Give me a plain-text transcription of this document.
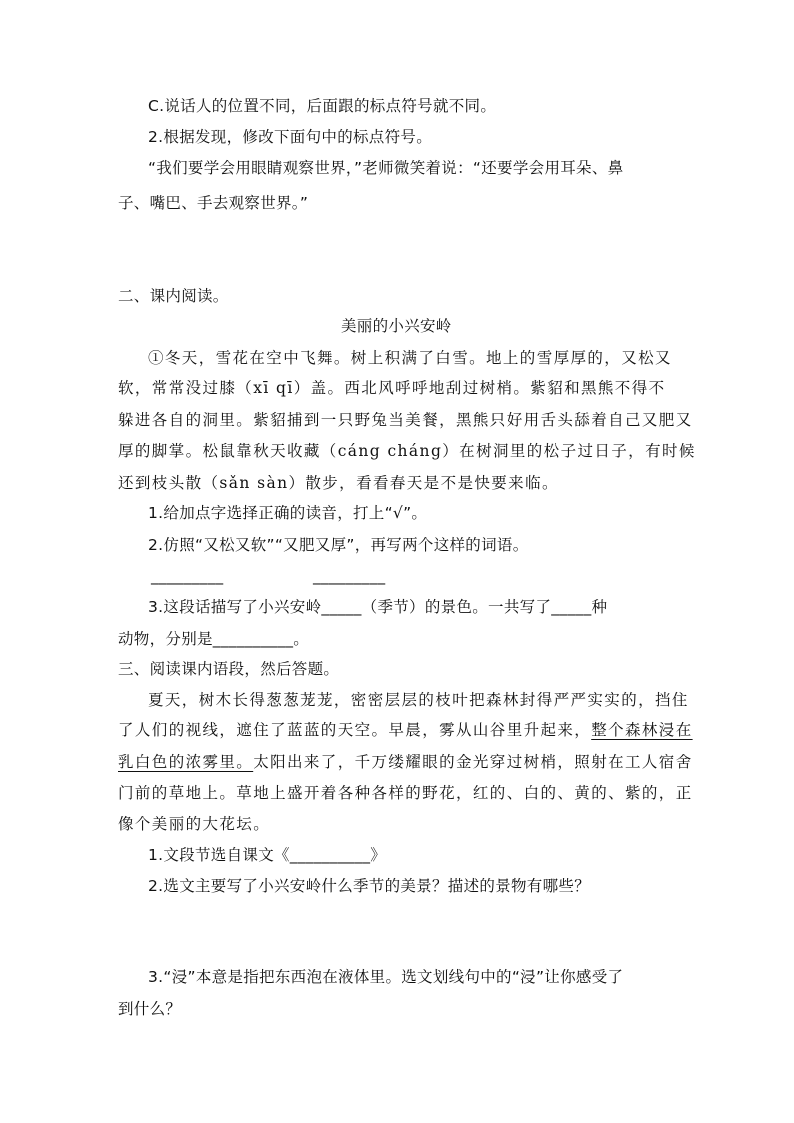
C.说话人的位置不同，后面跟的标点符号就不同。
2.根据发现，修改下面句中的标点符号。
“我们要学会用眼睛观察世界，”老师微笑着说：“还要学会用耳朵、鼻
子、嘴巴、手去观察世界。”
二、课内阅读。
美丽的小兴安岭
①冬天，雪花在空中飞舞。树上积满了白雪。地上的雪厚厚的，又松又
软，常常没过膝（xī qī）盖。西北风呼呼地刮过树梢。紫貂和黑熊不得不
躲进各自的洞里。紫貂捕到一只野兔当美餐，黑熊只好用舌头舔着自己又肥又
厚的脚掌。松鼠靠秋天收藏（cáng cháng）在树洞里的松子过日子，有时候
还到枝头散（sǎn sàn）散步，看看春天是不是快要来临。
1.给加点字选择正确的读音，打上“√”。
2.仿照“又松又软”“又肥又厚”，再写两个这样的词语。
_________	_________
3.这段话描写了小兴安岭_____（季节）的景色。一共写了_____种
动物，分别是__________。
三、阅读课内语段，然后答题。
夏天，树木长得葱葱茏茏，密密层层的枝叶把森林封得严严实实的，挡住
了人们的视线，遮住了蓝蓝的天空。早晨，雾从山谷里升起来，整个森林浸在
乳白色的浓雾里。太阳出来了，千万缕耀眼的金光穿过树梢，照射在工人宿舍
门前的草地上。草地上盛开着各种各样的野花，红的、白的、黄的、紫的，正
像个美丽的大花坛。
1.文段节选自课文《__________》
2.选文主要写了小兴安岭什么季节的美景？描述的景物有哪些？
3.“浸”本意是指把东西泡在液体里。选文划线句中的“浸”让你感受了
到什么？
